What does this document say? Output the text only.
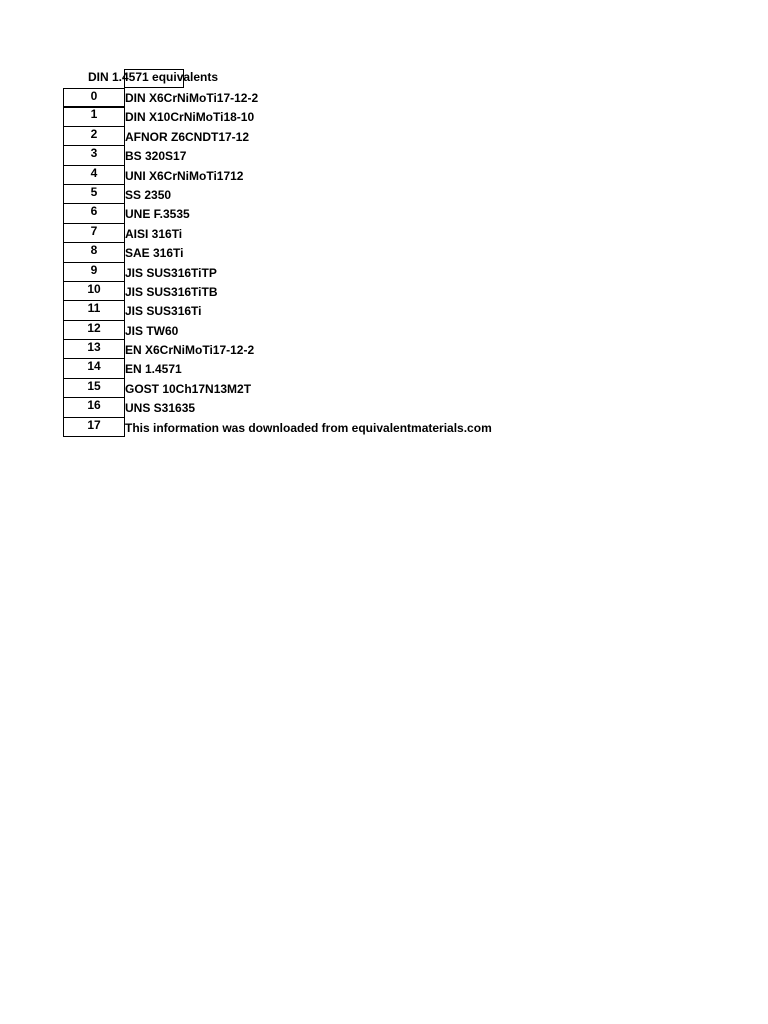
DIN 1.4571 equivalents
0	DIN X6CrNiMoTi17-12-2
1	DIN X10CrNiMoTi18-10
2	AFNOR Z6CNDT17-12
3	BS 320S17
4	UNI X6CrNiMoTi1712
5	SS 2350
6	UNE F.3535
7	AISI 316Ti
8	SAE 316Ti
9	JIS SUS316TiTP
10	JIS SUS316TiTB
11	JIS SUS316Ti
12	JIS TW60
13	EN X6CrNiMoTi17-12-2
14	EN 1.4571
15	GOST 10Ch17N13M2T
16	UNS S31635
17	This information was downloaded from equivalentmaterials.com
